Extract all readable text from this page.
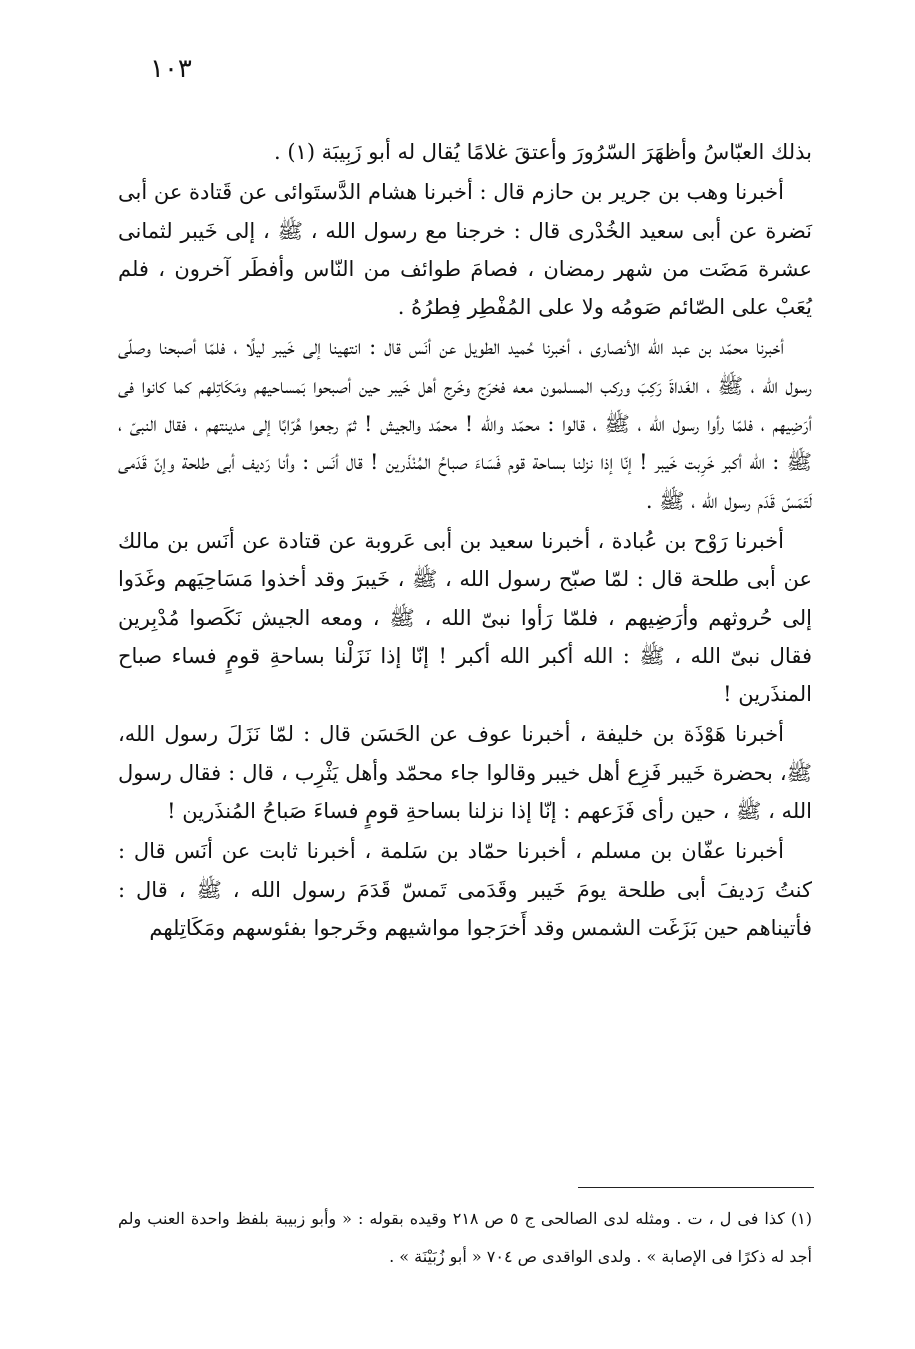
١٠٣

بذلك العبّاسُ وأظهَرَ السّرُورَ وأعتقَ غلامًا يُقال له أبو زَبِيبَة (١) .

أخبرنا وهب بن جرير بن حازم قال : أخبرنا هشام الدَّستَوائى عن قَتادة عن أبى نَضرة عن أبى سعيد الخُدْرى قال : خرجنا مع رسول الله ، ﷺ ، إلى خَيبر لثمانى عشرة مَضَت من شهر رمضان ، فصامَ طوائف من النّاس وأفطَر آخرون ، فلم يُعَبْ على الصّائم صَومُه ولا على المُفْطِر فِطرُهُ .

أخبرنا محمّد بن عبد الله الأنصارى ، أخبرنا حُميد الطويل عن أنَس قال : انتهينا إلى خَيبر ليلًا ، فلمّا أصبحنا وصلّى رسول الله ، ﷺ ، الغَداةَ رَكِبَ وركب المسلمون معه فخرَج وخَرج أهل خَيبر حين أصبحوا بَمساحيهم ومَكَاتِلهم كما كانوا فى أرَضِيهم ، فلمّا رأوا رسول الله ، ﷺ ، قالوا : محمّد والله ! محمّد والجيش ! ثمّ رجعوا هُرّابًا إلى مدينتهم ، فقال النبىّ ، ﷺ : الله أكبر خَرِبت خَيبر ! إنّا إذا نزلنا بساحة قوم فَسَاءَ صباحُ المُنْذَرين ! قال أنَس : وأنا رَديف أبى طلحة وإنّ قَدَمى لَتَمَسّ قَدَم رسول الله ، ﷺ .

أخبرنا رَوْح بن عُبادة ، أخبرنا سعيد بن أبى عَروبة عن قتادة عن أنَس بن مالك عن أبى طلحة قال : لمّا صبّح رسول الله ، ﷺ ، خَيبرَ وقد أخذوا مَسَاحِيَهم وغَدَوا إلى حُروثهم وأرَضِيهم ، فلمّا رَأوا نبىّ الله ، ﷺ ، ومعه الجيش نَكَصوا مُدْبِرين فقال نبىّ الله ، ﷺ : الله أكبر الله أكبر ! إنّا إذا نَزَلْنا بساحةِ قومٍ فساء صباح المنذَرين !

أخبرنا هَوْذَة بن خليفة ، أخبرنا عوف عن الحَسَن قال : لمّا نَزَلَ رسول الله، ﷺ، بحضرة خَيبر فَزِع أهل خيبر وقالوا جاء محمّد وأهل يَثْرِب ، قال : فقال رسول الله ، ﷺ ، حين رأى فَزَعهم : إنّا إذا نزلنا بساحةِ قومٍ فساءَ صَباحُ المُنذَرين !

أخبرنا عفّان بن مسلم ، أخبرنا حمّاد بن سَلمة ، أخبرنا ثابت عن أنَس قال : كنتُ رَديفَ أبى طلحة يومَ خَيبر وقَدَمى تَمسّ قَدَمَ رسول الله ، ﷺ ، قال : فأتيناهم حين بَزَغَت الشمس وقد أَخرَجوا مواشيهم وخَرجوا بفئوسهم ومَكَاتِلهم

(١) كذا فى ل ، ت . ومثله لدى الصالحى ج ٥ ص ٢١٨ وقيده بقوله : « وأبو زبيبة بلفظ واحدة العنب ولم أجد له ذكرًا فى الإصابة » . ولدى الواقدى ص ٧٠٤ « أبو زُبَيْنَة » .
